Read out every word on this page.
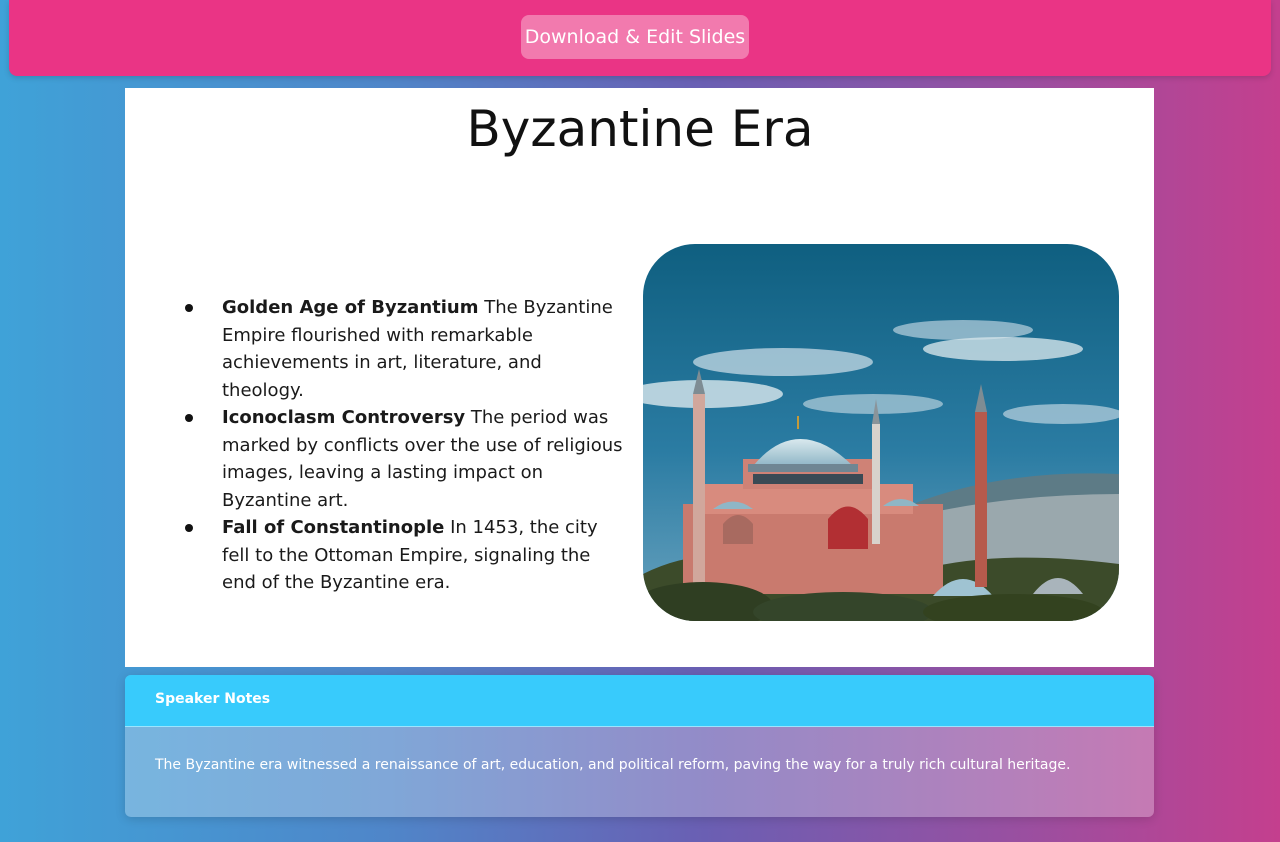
Download & Edit Slides
Byzantine Era
Golden Age of Byzantium The Byzantine Empire flourished with remarkable achievements in art, literature, and theology.
Iconoclasm Controversy The period was marked by conflicts over the use of religious images, leaving a lasting impact on Byzantine art.
Fall of Constantinople In 1453, the city fell to the Ottoman Empire, signaling the end of the Byzantine era.
Speaker Notes
The Byzantine era witnessed a renaissance of art, education, and political reform, paving the way for a truly rich cultural heritage.
